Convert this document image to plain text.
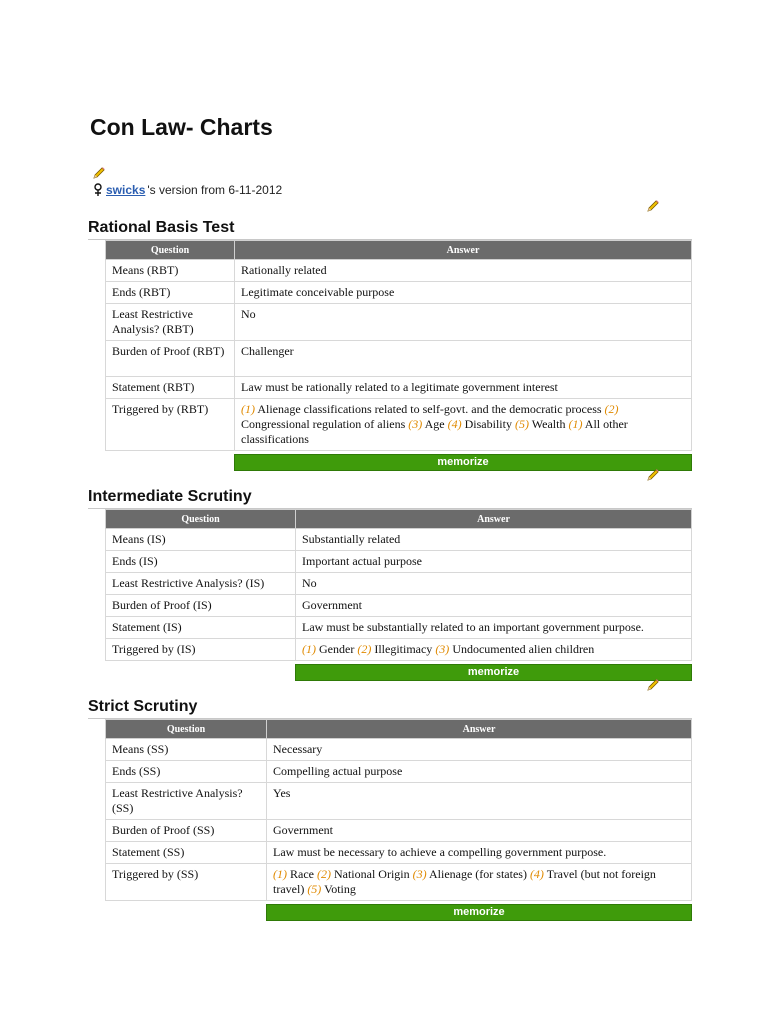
Con Law- Charts
swicks 's version from 6-11-2012
Rational Basis Test
Question	Answer
Means (RBT)	Rationally related
Ends (RBT)	Legitimate conceivable purpose
Least Restrictive Analysis? (RBT)	No
Burden of Proof (RBT)	Challenger
Statement (RBT)	Law must be rationally related to a legitimate government interest
Triggered by (RBT)	(1) Alienage classifications related to self-govt. and the democratic process (2) Congressional regulation of aliens (3) Age (4) Disability (5) Wealth (1) All other classifications
memorize
Intermediate Scrutiny
Question	Answer
Means (IS)	Substantially related
Ends (IS)	Important actual purpose
Least Restrictive Analysis? (IS)	No
Burden of Proof (IS)	Government
Statement (IS)	Law must be substantially related to an important government purpose.
Triggered by (IS)	(1) Gender (2) Illegitimacy (3) Undocumented alien children
memorize
Strict Scrutiny
Question	Answer
Means (SS)	Necessary
Ends (SS)	Compelling actual purpose
Least Restrictive Analysis? (SS)	Yes
Burden of Proof (SS)	Government
Statement (SS)	Law must be necessary to achieve a compelling government purpose.
Triggered by (SS)	(1) Race (2) National Origin (3) Alienage (for states) (4) Travel (but not foreign travel) (5) Voting
memorize
